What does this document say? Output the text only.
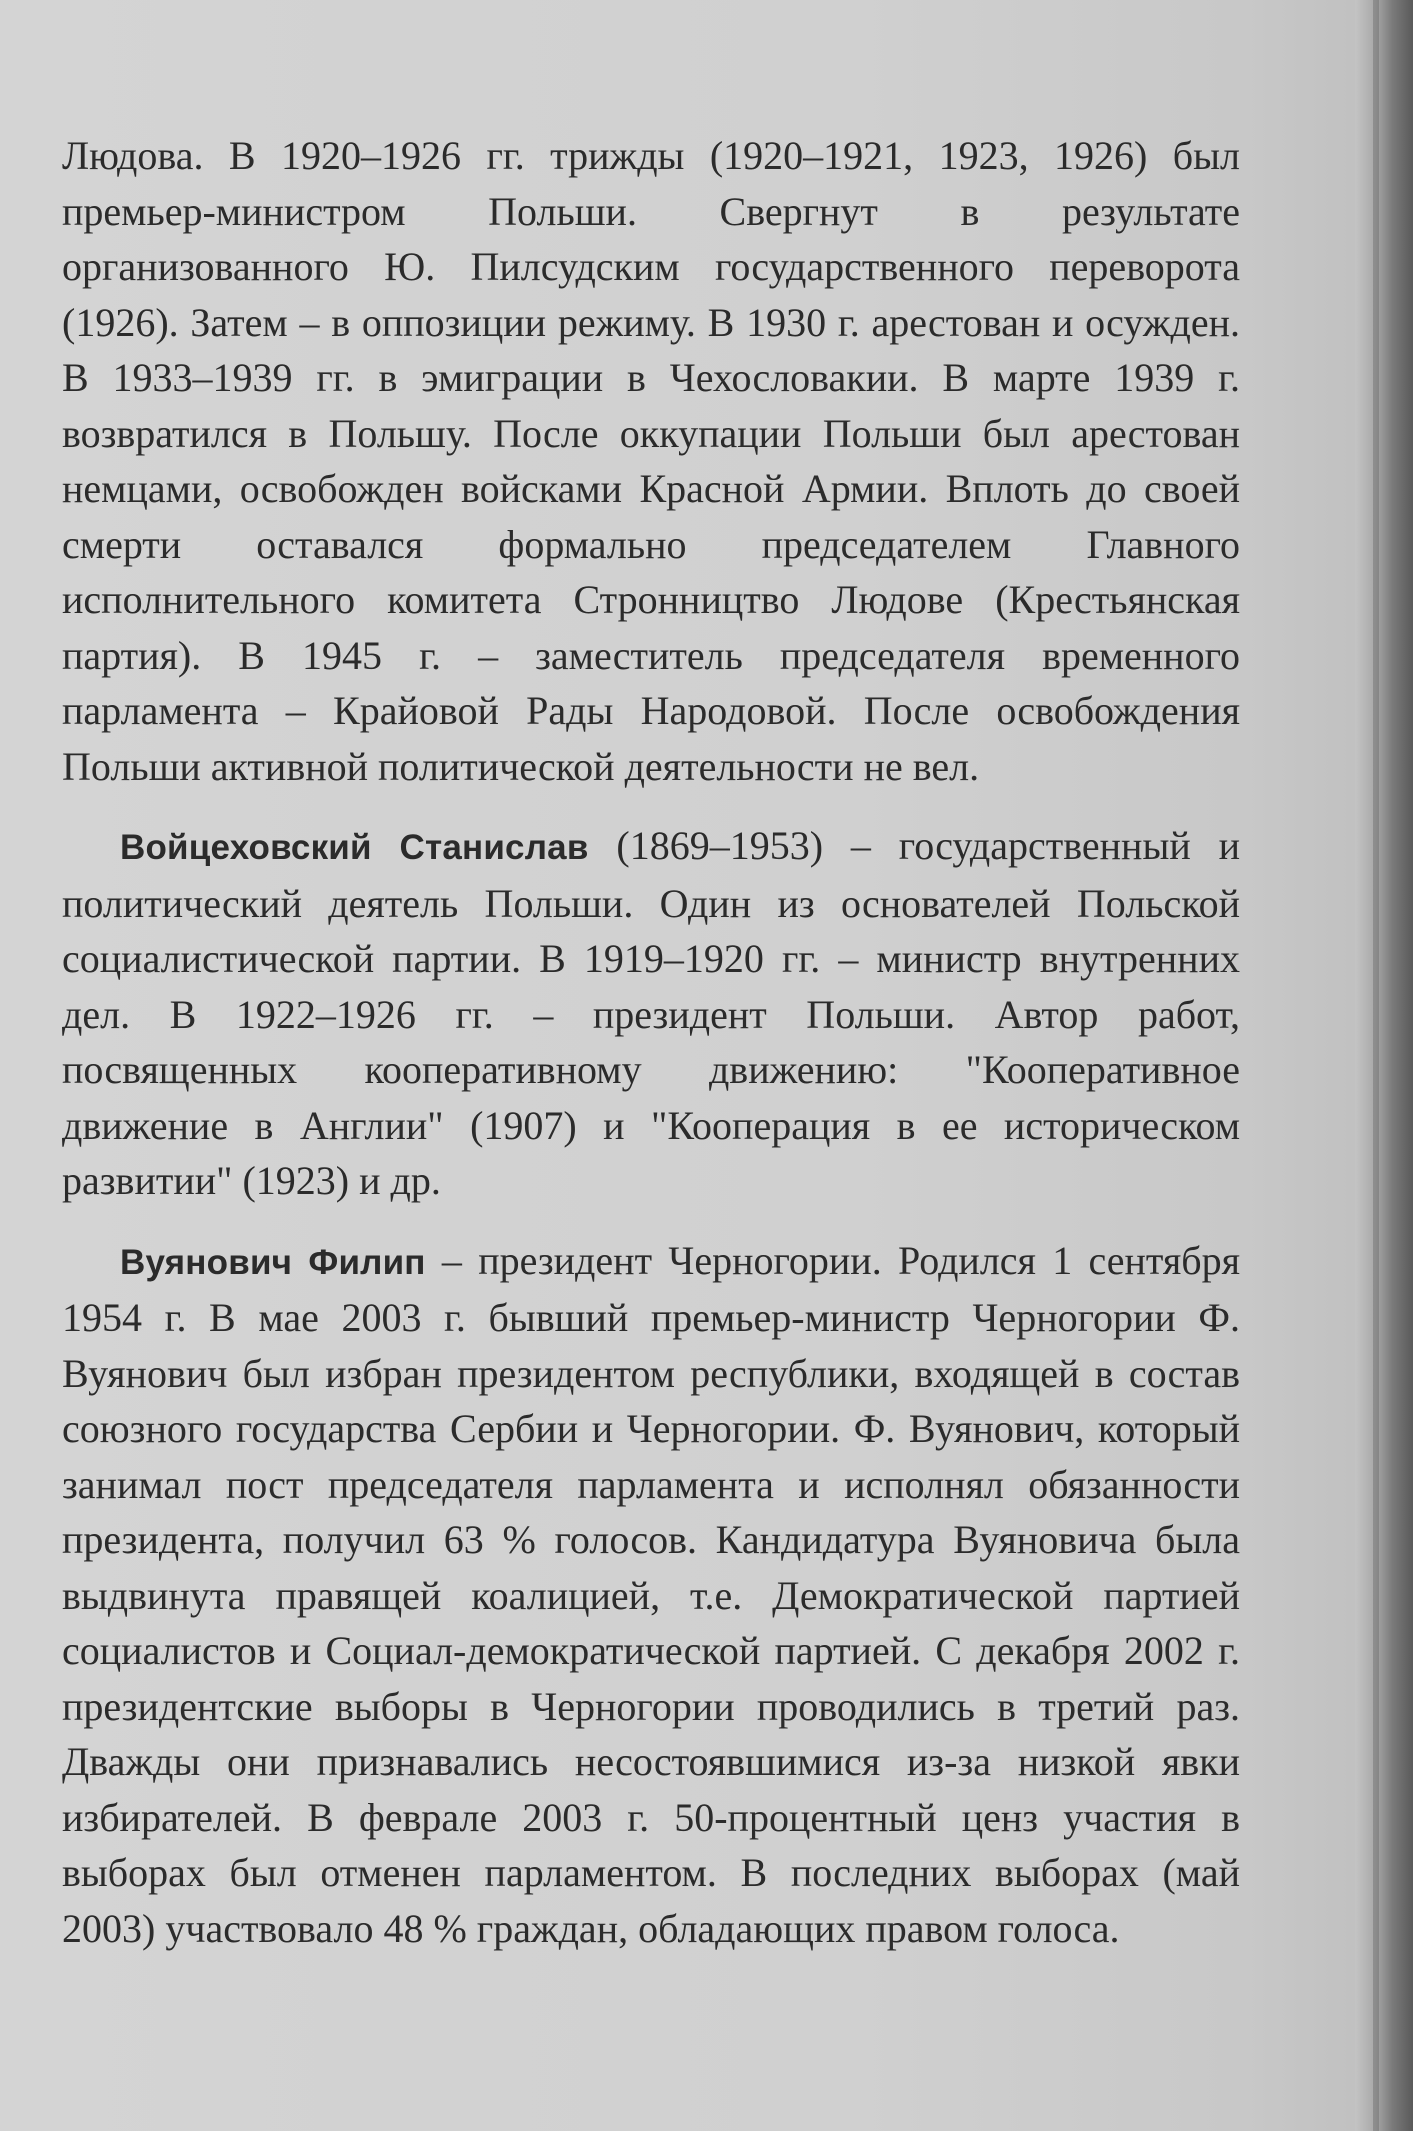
Людова. В 1920–1926 гг. трижды (1920–1921, 1923, 1926) был премьер-министром Польши. Свергнут в результате организованного Ю. Пилсудским государственного переворота (1926). Затем – в оппозиции режиму. В 1930 г. арестован и осужден. В 1933–1939 гг. в эмиграции в Чехословакии. В марте 1939 г. возвратился в Польшу. После оккупации Польши был арестован немцами, освобожден войсками Красной Армии. Вплоть до своей смерти оставался формально председателем Главного исполнительного комитета Стронництво Людове (Крестьянская партия). В 1945 г. – заместитель председателя временного парламента – Крайовой Рады Народовой. После освобождения Польши активной политической деятельности не вел.

Войцеховский Станислав (1869–1953) – государственный и политический деятель Польши. Один из основателей Польской социалистической партии. В 1919–1920 гг. – министр внутренних дел. В 1922–1926 гг. – президент Польши. Автор работ, посвященных кооперативному движению: "Кооперативное движение в Англии" (1907) и "Кооперация в ее историческом развитии" (1923) и др.

Вуянович Филип – президент Черногории. Родился 1 сентября 1954 г. В мае 2003 г. бывший премьер-министр Черногории Ф. Вуянович был избран президентом республики, входящей в состав союзного государства Сербии и Черногории. Ф. Вуянович, который занимал пост председателя парламента и исполнял обязанности президента, получил 63 % голосов. Кандидатура Вуяновича была выдвинута правящей коалицией, т.е. Демократической партией социалистов и Социал-демократической партией. С декабря 2002 г. президентские выборы в Черногории проводились в третий раз. Дважды они признавались несостоявшимися из-за низкой явки избирателей. В феврале 2003 г. 50-процентный ценз участия в выборах был отменен парламентом. В последних выборах (май 2003) участвовало 48 % граждан, обладающих правом голоса.
